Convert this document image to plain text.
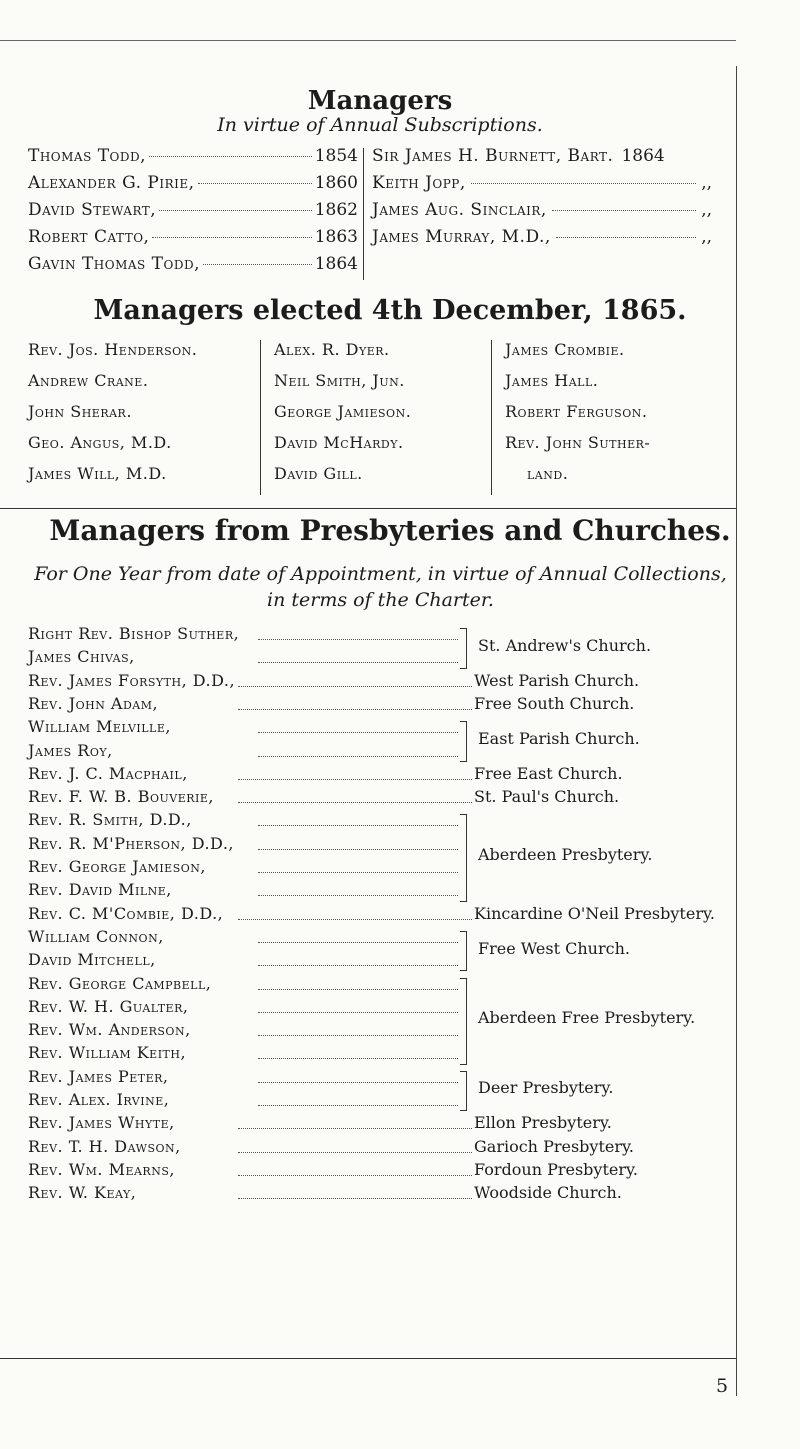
Managers
In virtue of Annual Subscriptions.
Thomas Todd,	1854
Alexander G. Pirie,	1860
David Stewart,	1862
Robert Catto,	1863
Gavin Thomas Todd,	1864
Sir James H. Burnett, Bart. 1864
Keith Jopp,	,,
James Aug. Sinclair,	,,
James Murray, M.D.,	,,
Managers elected 4th December, 1865.
Rev. Jos. Henderson.
Andrew Crane.
John Sherar.
Geo. Angus, M.D.
James Will, M.D.
Alex. R. Dyer.
Neil Smith, Jun.
George Jamieson.
David McHardy.
David Gill.
James Crombie.
James Hall.
Robert Ferguson.
Rev. John Suther-
land.
Managers from Presbyteries and Churches.
For One Year from date of Appointment, in virtue of Annual Collections,
in terms of the Charter.
Right Rev. Bishop Suther,
James Chivas,
St. Andrew's Church.
Rev. James Forsyth, D.D.,	West Parish Church.
Rev. John Adam,	Free South Church.
William Melville,
James Roy,
East Parish Church.
Rev. J. C. Macphail,	Free East Church.
Rev. F. W. B. Bouverie,	St. Paul's Church.
Rev. R. Smith, D.D.,
Rev. R. M'Pherson, D.D.,
Rev. George Jamieson,
Rev. David Milne,
Aberdeen Presbytery.
Rev. C. M'Combie, D.D.,	Kincardine O'Neil Presbytery.
William Connon,
David Mitchell,
Free West Church.
Rev. George Campbell,
Rev. W. H. Gualter,
Rev. Wm. Anderson,
Rev. William Keith,
Aberdeen Free Presbytery.
Rev. James Peter,
Rev. Alex. Irvine,
Deer Presbytery.
Rev. James Whyte,	Ellon Presbytery.
Rev. T. H. Dawson,	Garioch Presbytery.
Rev. Wm. Mearns,	Fordoun Presbytery.
Rev. W. Keay,	Woodside Church.
5
